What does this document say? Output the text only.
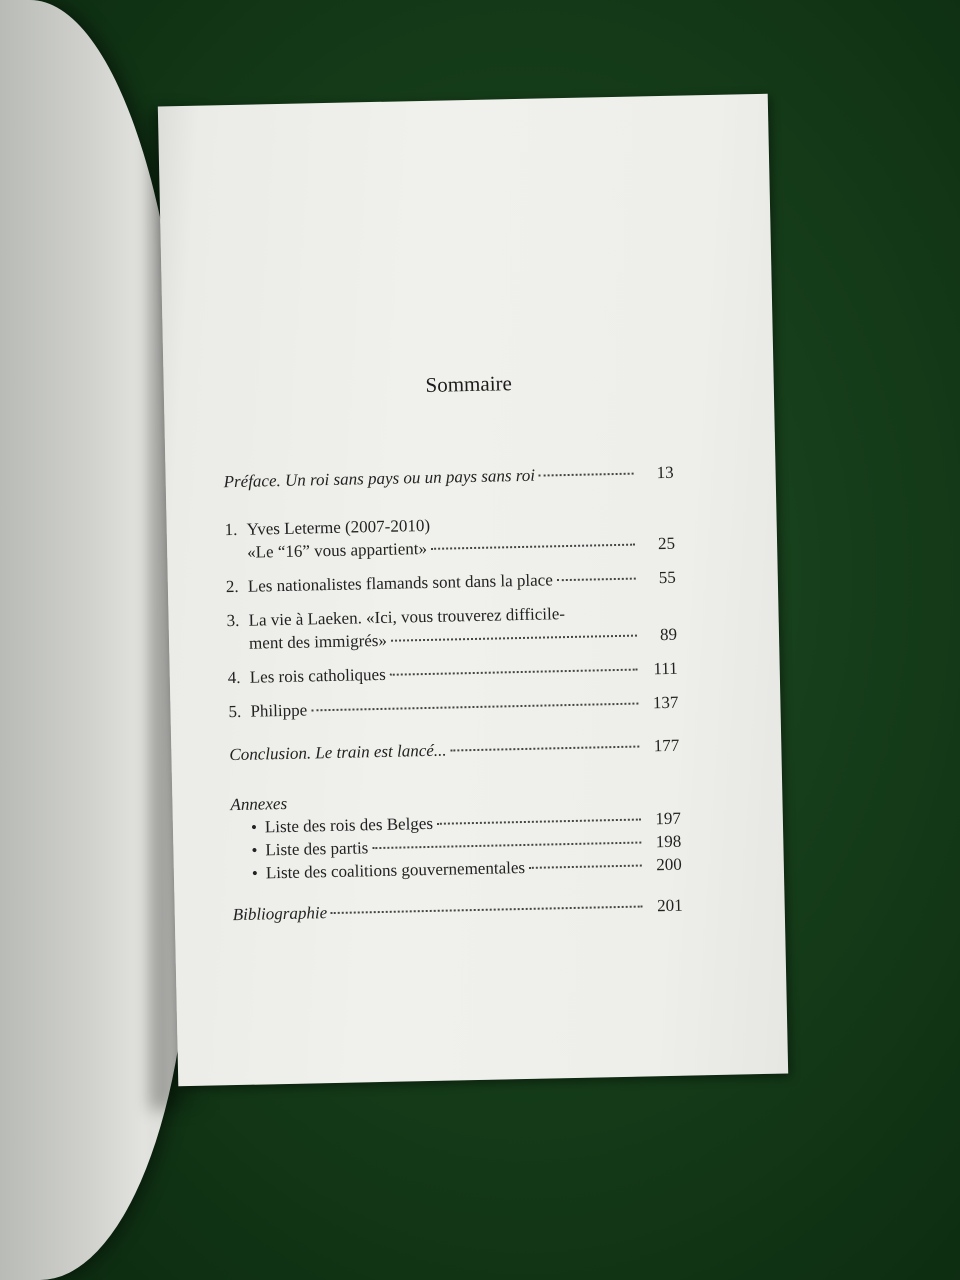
Sommaire
Préface. Un roi sans pays ou un pays sans roi	13
1. Yves Leterme (2007-2010)
«Le “16” vous appartient»	25
2. Les nationalistes flamands sont dans la place	55
3. La vie à Laeken. «Ici, vous trouverez difficile-
ment des immigrés»	89
4. Les rois catholiques	111
5. Philippe	137
Conclusion. Le train est lancé...	177
Annexes
• Liste des rois des Belges	197
• Liste des partis	198
• Liste des coalitions gouvernementales	200
Bibliographie	201
